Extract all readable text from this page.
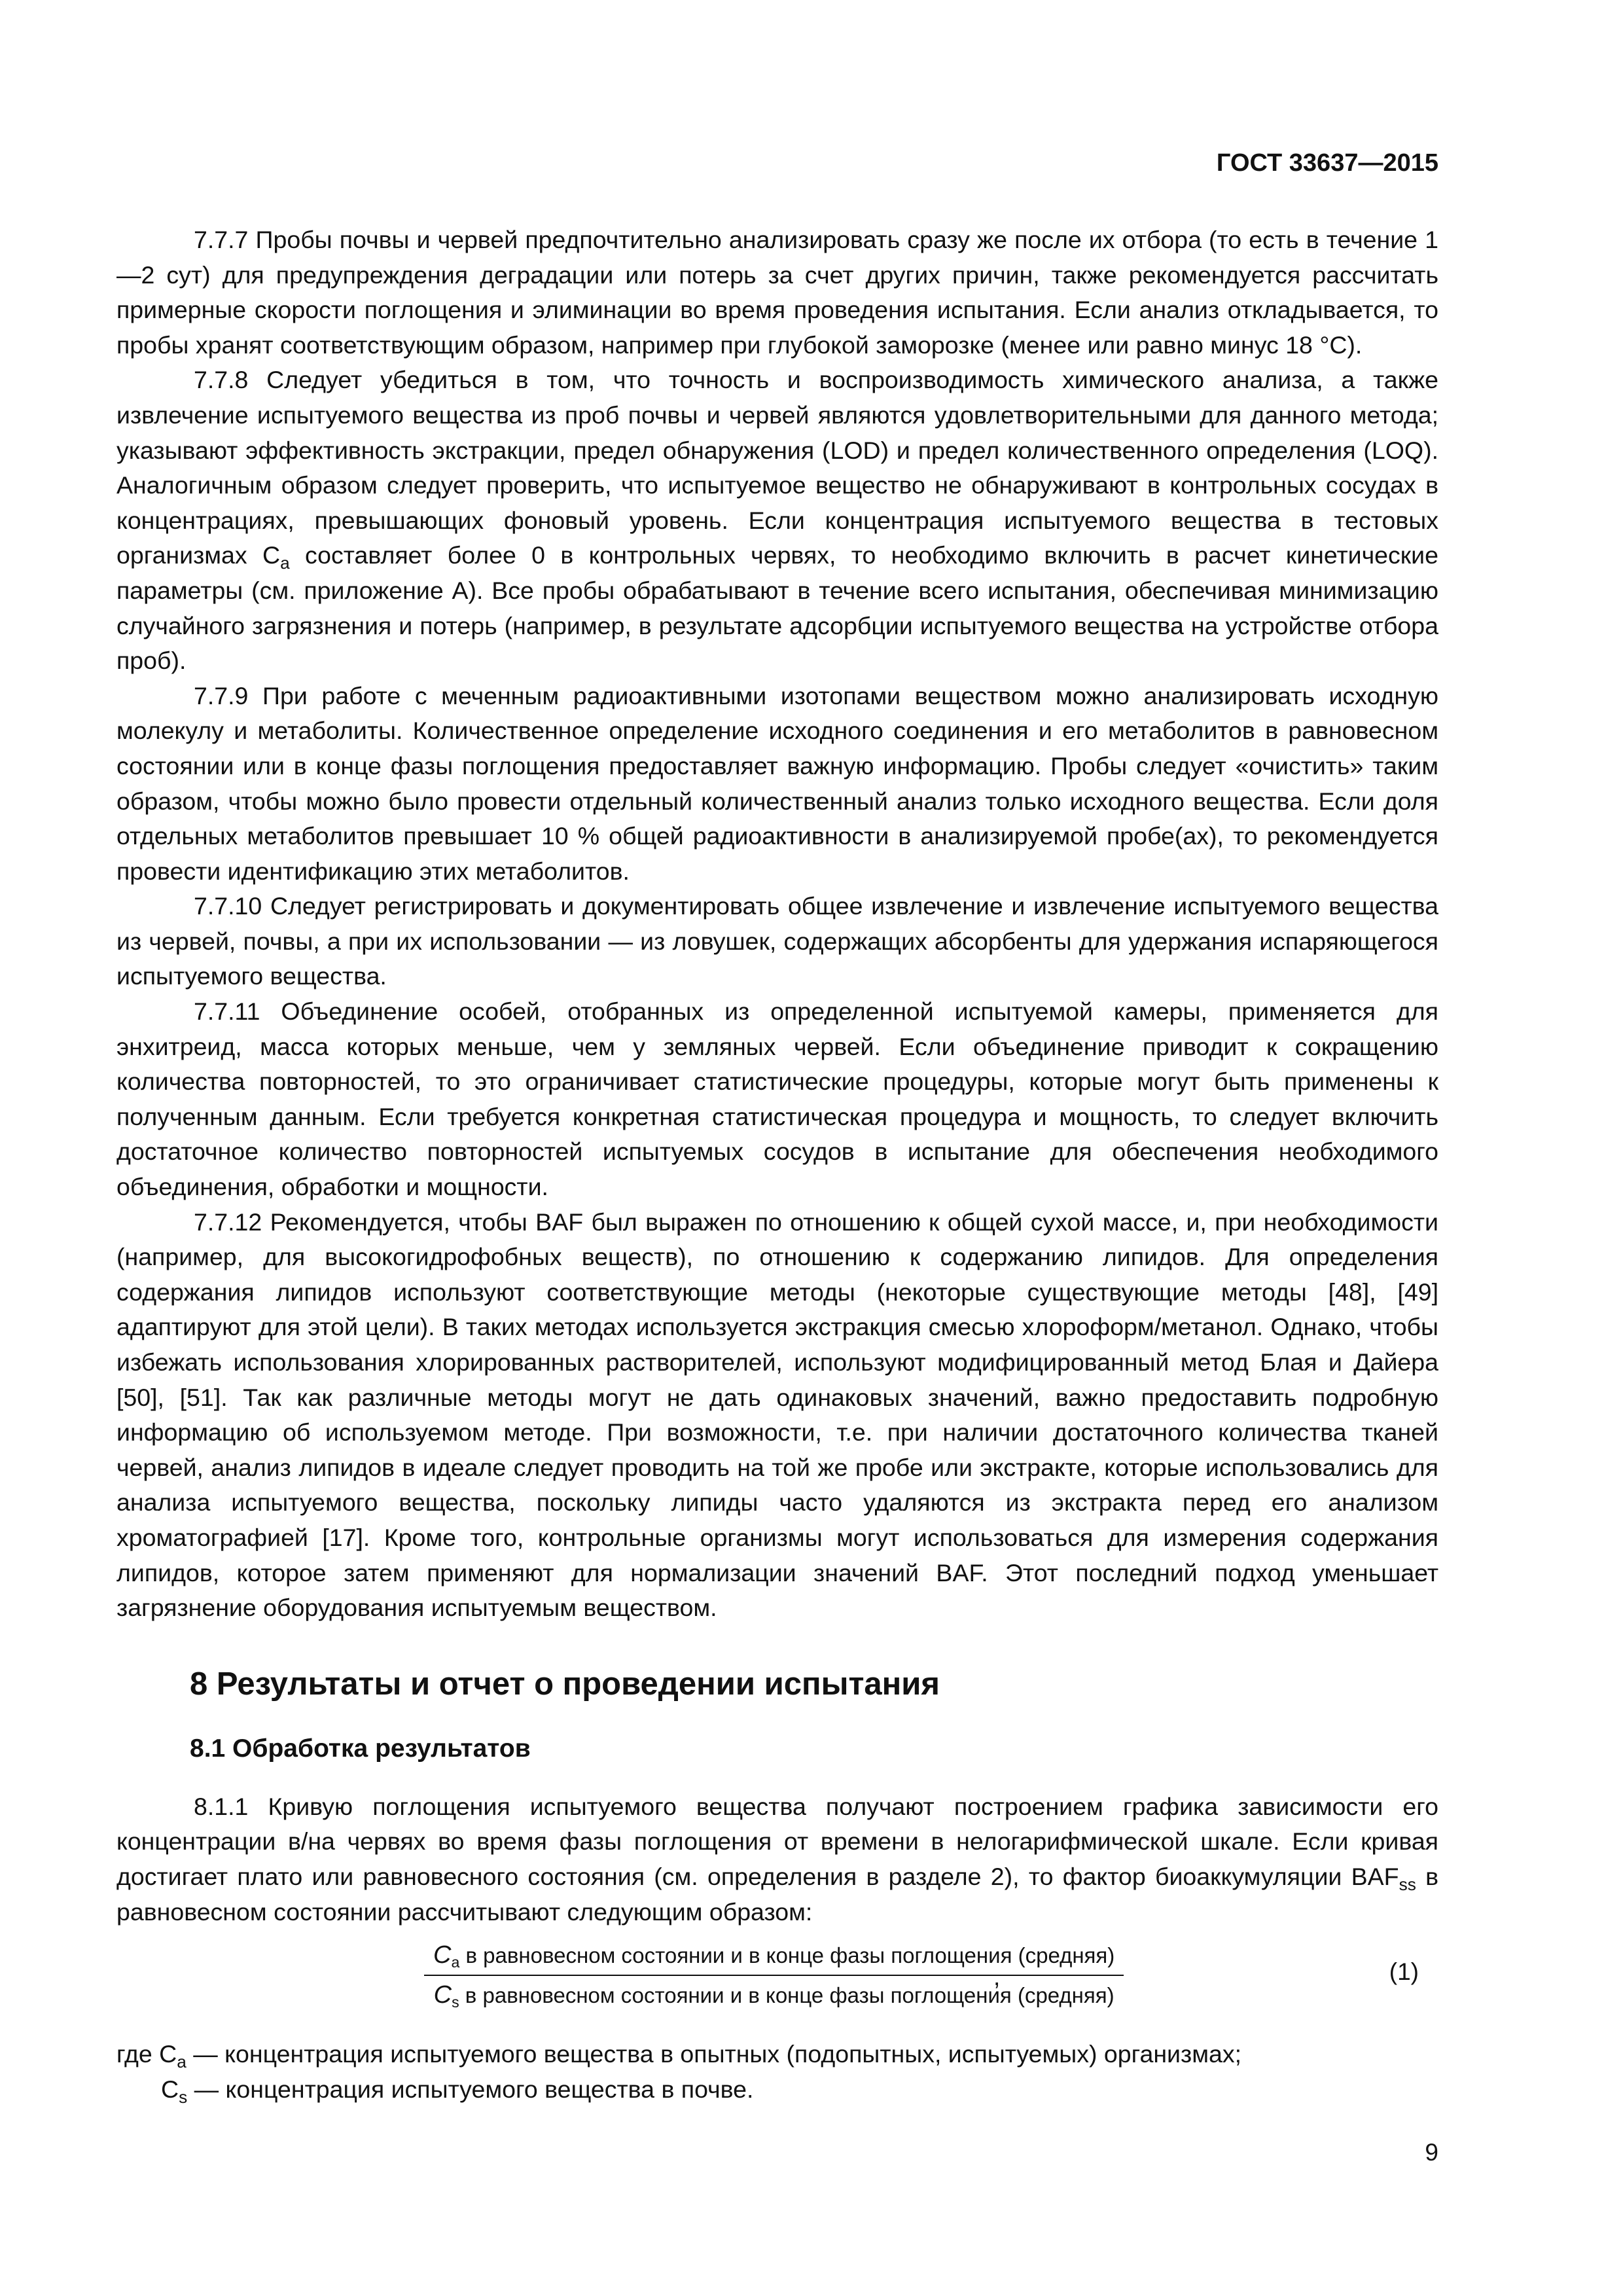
ГОСТ 33637—2015

7.7.7 Пробы почвы и червей предпочтительно анализировать сразу же после их отбора (то есть в течение 1—2 сут) для предупреждения деградации или потерь за счет других причин, также рекомендуется рассчитать примерные скорости поглощения и элиминации во время проведения испытания. Если анализ откладывается, то пробы хранят соответствующим образом, например при глубокой заморозке (менее или равно минус 18 °С).

7.7.8 Следует убедиться в том, что точность и воспроизводимость химического анализа, а также извлечение испытуемого вещества из проб почвы и червей являются удовлетворительными для данного метода; указывают эффективность экстракции, предел обнаружения (LOD) и предел количественного определения (LOQ). Аналогичным образом следует проверить, что испытуемое вещество не обнаруживают в контрольных сосудах в концентрациях, превышающих фоновый уровень. Если концентрация испытуемого вещества в тестовых организмах $С_а$ составляет более 0 в контрольных червях, то необходимо включить в расчет кинетические параметры (см. приложение А). Все пробы обрабатывают в течение всего испытания, обеспечивая минимизацию случайного загрязнения и потерь (например, в результате адсорбции испытуемого вещества на устройстве отбора проб).

7.7.9 При работе с меченным радиоактивными изотопами веществом можно анализировать исходную молекулу и метаболиты. Количественное определение исходного соединения и его метаболитов в равновесном состоянии или в конце фазы поглощения предоставляет важную информацию. Пробы следует «очистить» таким образом, чтобы можно было провести отдельный количественный анализ только исходного вещества. Если доля отдельных метаболитов превышает 10 % общей радиоактивности в анализируемой пробе(ах), то рекомендуется провести идентификацию этих метаболитов.

7.7.10 Следует регистрировать и документировать общее извлечение и извлечение испытуемого вещества из червей, почвы, а при их использовании — из ловушек, содержащих абсорбенты для удержания испаряющегося испытуемого вещества.

7.7.11 Объединение особей, отобранных из определенной испытуемой камеры, применяется для энхитреид, масса которых меньше, чем у земляных червей. Если объединение приводит к сокращению количества повторностей, то это ограничивает статистические процедуры, которые могут быть применены к полученным данным. Если требуется конкретная статистическая процедура и мощность, то следует включить достаточное количество повторностей испытуемых сосудов в испытание для обеспечения необходимого объединения, обработки и мощности.

7.7.12 Рекомендуется, чтобы BAF был выражен по отношению к общей сухой массе, и, при необходимости (например, для высокогидрофобных веществ), по отношению к содержанию липидов. Для определения содержания липидов используют соответствующие методы (некоторые существующие методы [48], [49] адаптируют для этой цели). В таких методах используется экстракция смесью хлороформ/метанол. Однако, чтобы избежать использования хлорированных растворителей, используют модифицированный метод Блая и Дайера [50], [51]. Так как различные методы могут не дать одинаковых значений, важно предоставить подробную информацию об используемом методе. При возможности, т.е. при наличии достаточного количества тканей червей, анализ липидов в идеале следует проводить на той же пробе или экстракте, которые использовались для анализа испытуемого вещества, поскольку липиды часто удаляются из экстракта перед его анализом хроматографией [17]. Кроме того, контрольные организмы могут использоваться для измерения содержания липидов, которое затем применяют для нормализации значений BAF. Этот последний подход уменьшает загрязнение оборудования испытуемым веществом.

8 Результаты и отчет о проведении испытания
8.1 Обработка результатов

8.1.1 Кривую поглощения испытуемого вещества получают построением графика зависимости его концентрации в/на червях во время фазы поглощения от времени в нелогарифмической шкале. Если кривая достигает плато или равновесного состояния (см. определения в разделе 2), то фактор биоаккумуляции $BAF_{ss}$ в равновесном состоянии рассчитывают следующим образом:

$C_a$ в равновесном состоянии и в конце фазы поглощения (средняя)
$C_s$ в равновесном состоянии и в конце фазы поглощения (средняя)
,	(1)

где $С_а$ — концентрация испытуемого вещества в опытных (подопытных, испытуемых) организмах;

$С_s$ — концентрация испытуемого вещества в почве.

9
